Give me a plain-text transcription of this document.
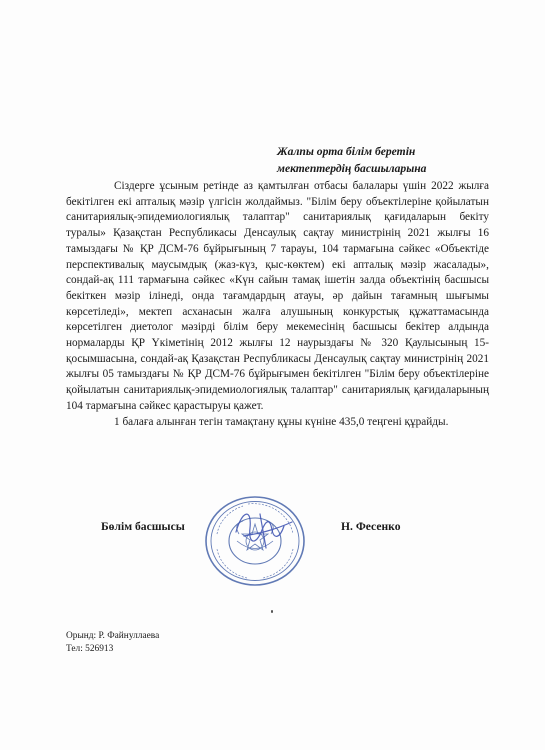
Жалпы орта білім беретін
мектептердің басшыларына

Сіздерге ұсыным ретінде аз қамтылған отбасы балалары үшін 2022 жылға бекітілген екі апталық мәзір үлгісін жолдаймыз. "Білім беру объектілеріне қойылатын санитариялық-эпидемиологиялық талаптар" санитариялық қағидаларын бекіту туралы» Қазақстан Республикасы Денсаулық сақтау министрінің 2021 жылғы 16 тамыздағы № ҚР ДСМ-76 бұйрығының 7 тарауы, 104 тармағына сәйкес «Объектіде перспективалық маусымдық (жаз-күз, қыс-көктем) екі апталық мәзір жасалады», сондай-ақ 111 тармағына сәйкес «Күн сайын тамақ ішетін залда объектінің басшысы бекіткен мәзір ілінеді, онда тағамдардың атауы, әр дайын тағамның шығымы көрсетіледі», мектеп асханасын жалға алушының конкурстық құжаттамасында көрсетілген диетолог мәзірді білім беру мекемесінің басшысы бекітер алдында нормаларды ҚР Үкіметінің 2012 жылғы 12 наурыздағы № 320 Қаулысының 15-қосымшасына, сондай-ақ Қазақстан Республикасы Денсаулық сақтау министрінің 2021 жылғы 05 тамыздағы № ҚР ДСМ-76 бұйрығымен бекітілген "Білім беру объектілеріне қойылатын санитариялық-эпидемиологиялық талаптар" санитариялық қағидаларының 104 тармағына сәйкес қарастыруы қажет.

1 балаға алынған тегін тамақтану құны күніне 435,0 теңгені құрайды.

Бөлім басшысы	Н. Фесенко
Орынд: Р. Файнуллаева
Тел: 526913
